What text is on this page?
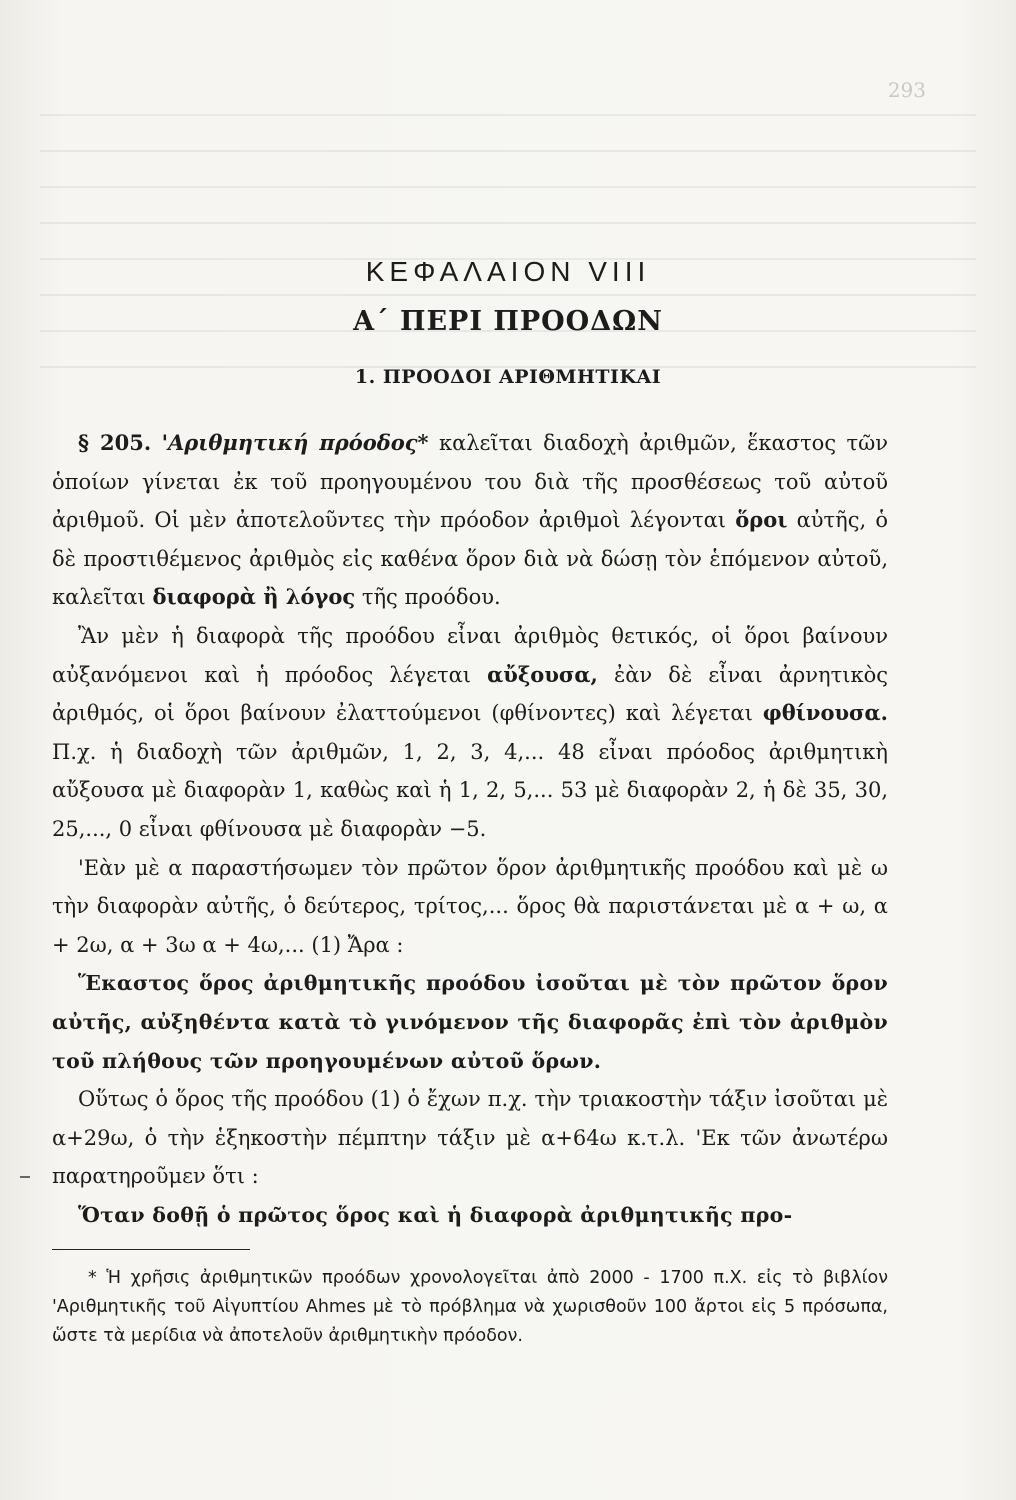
293
ΚΕΦΑΛΑΙΟΝ VIII
Α΄ ΠΕΡΙ ΠΡΟΟΔΩΝ
1. ΠΡΟΟΔΟΙ ΑΡΙΘΜΗΤΙΚΑΙ

§ 205. 'Αριθμητική πρόοδος* καλεῖται διαδοχὴ ἀριθμῶν, ἕκαστος τῶν ὁποίων γίνεται ἐκ τοῦ προηγουμένου του διὰ τῆς προσθέσεως τοῦ αὐτοῦ ἀριθμοῦ. Οἱ μὲν ἀποτελοῦντες τὴν πρόοδον ἀριθμοὶ λέγονται ὅροι αὐτῆς, ὁ δὲ προστιθέμενος ἀριθμὸς εἰς καθένα ὅρον διὰ νὰ δώσῃ τὸν ἑπόμενον αὐτοῦ, καλεῖται διαφορὰ ἢ λόγος τῆς προόδου.

Ἂν μὲν ἡ διαφορὰ τῆς προόδου εἶναι ἀριθμὸς θετικός, οἱ ὅροι βαίνουν αὐξανόμενοι καὶ ἡ πρόοδος λέγεται αὔξουσα, ἐὰν δὲ εἶναι ἀρνητικὸς ἀριθμός, οἱ ὅροι βαίνουν ἐλαττούμενοι (φθίνοντες) καὶ λέγεται φθίνουσα. Π.χ. ἡ διαδοχὴ τῶν ἀριθμῶν, 1, 2, 3, 4,... 48 εἶναι πρόοδος ἀριθμητικὴ αὔξουσα μὲ διαφορὰν 1, καθὼς καὶ ἡ 1, 2, 5,... 53 μὲ διαφορὰν 2, ἡ δὲ 35, 30, 25,..., 0 εἶναι φθίνουσα μὲ διαφορὰν −5.

'Εὰν μὲ α παραστήσωμεν τὸν πρῶτον ὅρον ἀριθμητικῆς προόδου καὶ μὲ ω τὴν διαφορὰν αὐτῆς, ὁ δεύτερος, τρίτος,... ὅρος θὰ παριστάνεται μὲ α + ω, α + 2ω, α + 3ω α + 4ω,... (1) Ἄρα :

Ἕκαστος ὅρος ἀριθμητικῆς προόδου ἰσοῦται μὲ τὸν πρῶτον ὅρον αὐτῆς, αὐξηθέντα κατὰ τὸ γινόμενον τῆς διαφορᾶς ἐπὶ τὸν ἀριθμὸν τοῦ πλήθους τῶν προηγουμένων αὐτοῦ ὅρων.

Οὕτως ὁ ὅρος τῆς προόδου (1) ὁ ἔχων π.χ. τὴν τριακοστὴν τάξιν ἰσοῦται μὲ α+29ω, ὁ τὴν ἑξηκοστὴν πέμπτην τάξιν μὲ α+64ω κ.τ.λ. 'Εκ τῶν ἀνωτέρω παρατηροῦμεν ὅτι :

Ὅταν δοθῇ ὁ πρῶτος ὅρος καὶ ἡ διαφορὰ ἀριθμητικῆς προ-

* Ἡ χρῆσις ἀριθμητικῶν προόδων χρονολογεῖται ἀπὸ 2000 - 1700 π.Χ. εἰς τὸ βιβλίον 'Αριθμητικῆς τοῦ Αἰγυπτίου Ahmes μὲ τὸ πρόβλημα νὰ χωρισθοῦν 100 ἄρτοι εἰς 5 πρόσωπα, ὥστε τὰ μερίδια νὰ ἀποτελοῦν ἀριθμητικὴν πρόοδον.
